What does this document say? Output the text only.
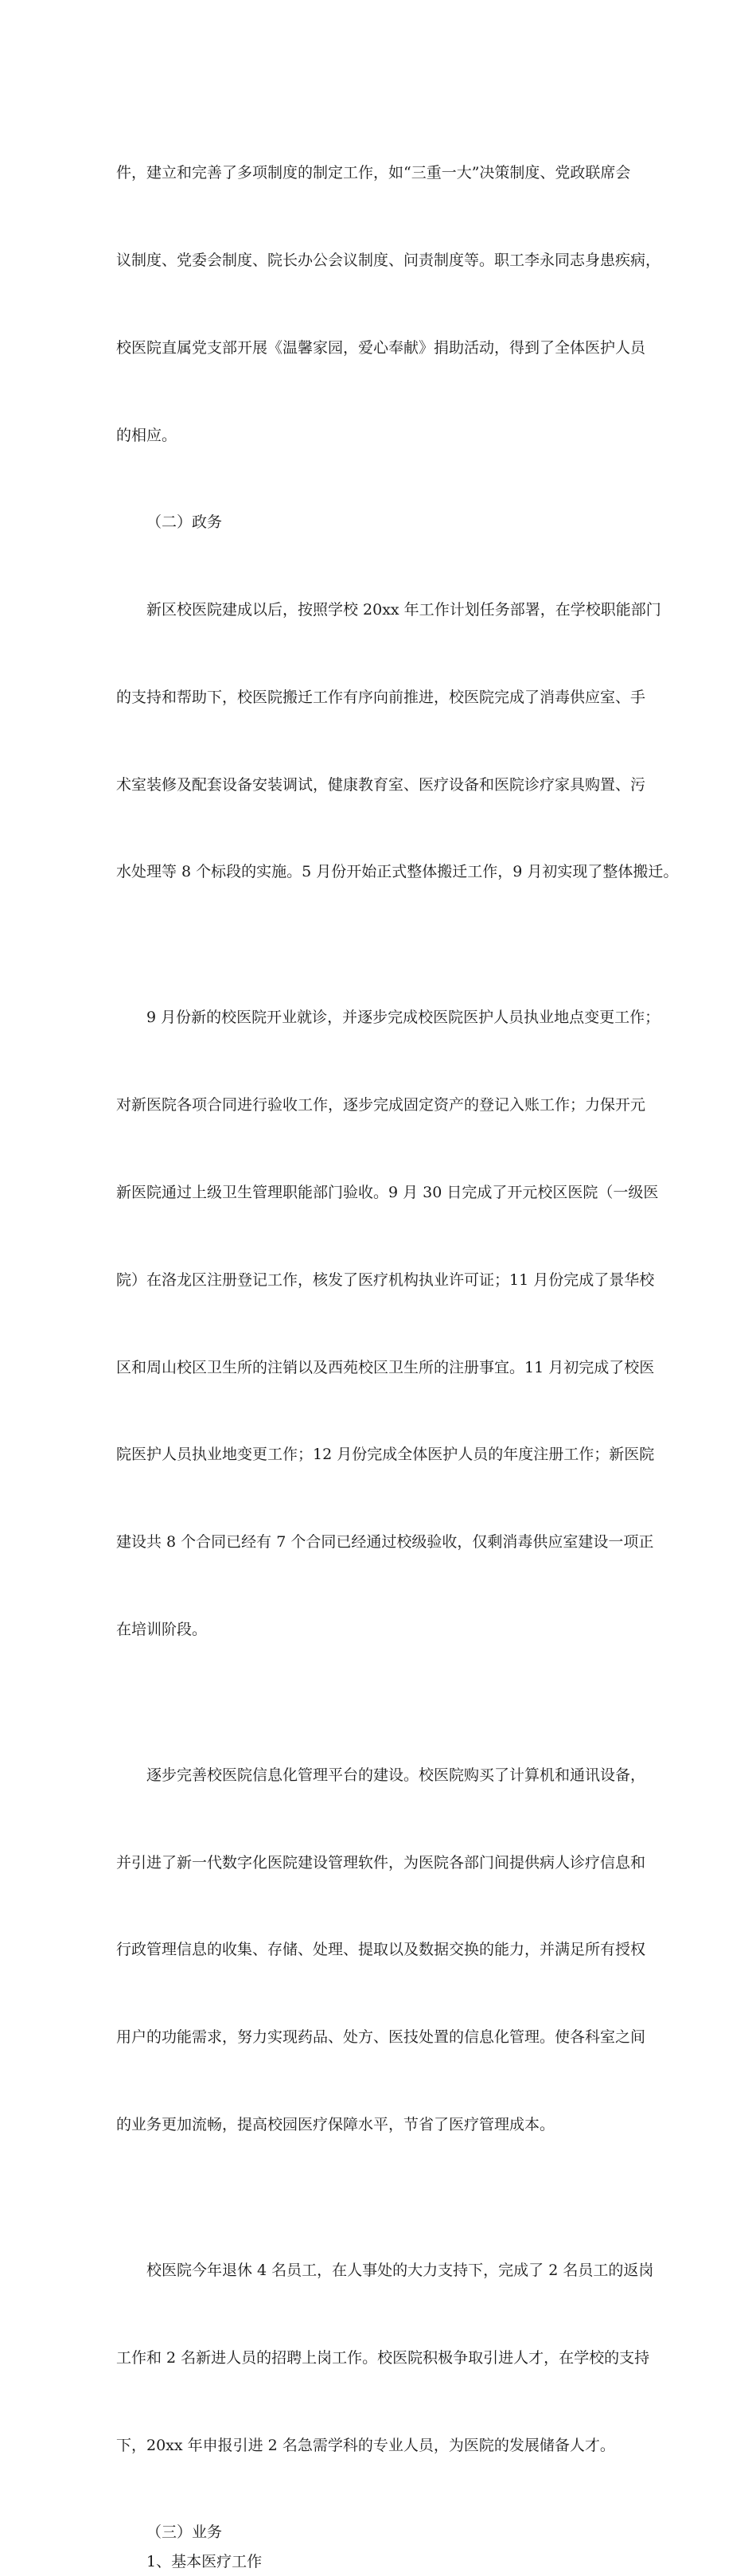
件，建立和完善了多项制度的制定工作，如“三重一大”决策制度、党政联席会

议制度、党委会制度、院长办公会议制度、问责制度等。职工李永同志身患疾病，

校医院直属党支部开展《温馨家园，爱心奉献》捐助活动，得到了全体医护人员

的相应。

（二）政务

新区校医院建成以后，按照学校 20xx 年工作计划任务部署，在学校职能部门

的支持和帮助下，校医院搬迁工作有序向前推进，校医院完成了消毒供应室、手

术室装修及配套设备安装调试，健康教育室、医疗设备和医院诊疗家具购置、污

水处理等 8 个标段的实施。5 月份开始正式整体搬迁工作，9 月初实现了整体搬迁。

9 月份新的校医院开业就诊，并逐步完成校医院医护人员执业地点变更工作；

对新医院各项合同进行验收工作，逐步完成固定资产的登记入账工作；力保开元

新医院通过上级卫生管理职能部门验收。9 月 30 日完成了开元校区医院（一级医

院）在洛龙区注册登记工作，核发了医疗机构执业许可证；11 月份完成了景华校

区和周山校区卫生所的注销以及西苑校区卫生所的注册事宜。11 月初完成了校医

院医护人员执业地变更工作；12 月份完成全体医护人员的年度注册工作；新医院

建设共 8 个合同已经有 7 个合同已经通过校级验收，仅剩消毒供应室建设一项正

在培训阶段。

逐步完善校医院信息化管理平台的建设。校医院购买了计算机和通讯设备，

并引进了新一代数字化医院建设管理软件，为医院各部门间提供病人诊疗信息和

行政管理信息的收集、存储、处理、提取以及数据交换的能力，并满足所有授权

用户的功能需求，努力实现药品、处方、医技处置的信息化管理。使各科室之间

的业务更加流畅，提高校园医疗保障水平，节省了医疗管理成本。

校医院今年退休 4 名员工，在人事处的大力支持下，完成了 2 名员工的返岗

工作和 2 名新进人员的招聘上岗工作。校医院积极争取引进人才，在学校的支持

下，20xx 年申报引进 2 名急需学科的专业人员，为医院的发展储备人才。

（三）业务

1、基本医疗工作
